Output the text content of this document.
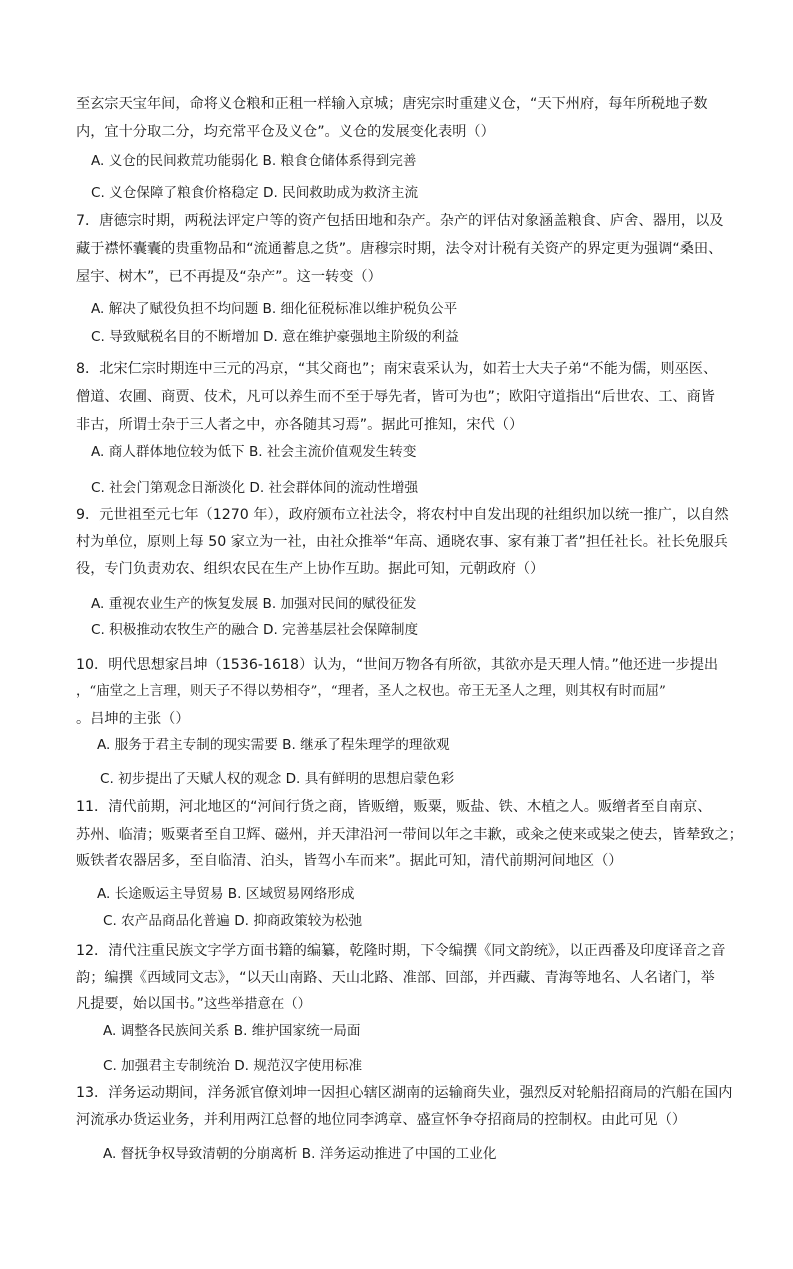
至玄宗天宝年间，命将义仓粮和正租一样输入京城；唐宪宗时重建义仓，“天下州府，每年所税地子数
内，宜十分取二分，均充常平仓及义仓”。义仓的发展变化表明（）
A. 义仓的民间救荒功能弱化 B. 粮食仓储体系得到完善
C. 义仓保障了粮食价格稳定 D. 民间救助成为救济主流
7．唐德宗时期，两税法评定户等的资产包括田地和杂产。杂产的评估对象涵盖粮食、庐舍、器用，以及
藏于襟怀囊囊的贵重物品和“流通蓄息之货”。唐穆宗时期，法令对计税有关资产的界定更为强调“桑田、
屋宇、树木”，已不再提及“杂产”。这一转变（）
A. 解决了赋役负担不均问题 B. 细化征税标准以维护税负公平
C. 导致赋税名目的不断增加 D. 意在维护豪强地主阶级的利益
8．北宋仁宗时期连中三元的冯京，“其父商也”；南宋袁采认为，如若士大夫子弟“不能为儒，则巫医、
僧道、农圃、商贾、伎术，凡可以养生而不至于辱先者，皆可为也”；欧阳守道指出“后世农、工、商皆
非古，所谓士杂于三人者之中，亦各随其习焉”。据此可推知，宋代（）
A. 商人群体地位较为低下 B. 社会主流价值观发生转变
C. 社会门第观念日渐淡化 D. 社会群体间的流动性增强
9．元世祖至元七年（1270 年），政府颁布立社法令，将农村中自发出现的社组织加以统一推广，以自然
村为单位，原则上每 50 家立为一社，由社众推举“年高、通晓农事、家有兼丁者”担任社长。社长免服兵
役，专门负责劝农、组织农民在生产上协作互助。据此可知，元朝政府（）
A. 重视农业生产的恢复发展 B. 加强对民间的赋役征发
C. 积极推动农牧生产的融合 D. 完善基层社会保障制度
10．明代思想家吕坤（1536-1618）认为，“世间万物各有所欲，其欲亦是天理人情。”他还进一步提出
，“庙堂之上言理，则天子不得以势相夺”，“理者，圣人之权也。帝王无圣人之理，则其权有时而屈”
。吕坤的主张（）
A. 服务于君主专制的现实需要 B. 继承了程朱理学的理欲观
C. 初步提出了天赋人权的观念 D. 具有鲜明的思想启蒙色彩
11．清代前期，河北地区的“河间行货之商，皆贩缯，贩粟，贩盐、铁、木植之人。贩缯者至自南京、
苏州、临清；贩粟者至自卫辉、磁州，并天津沿河一带间以年之丰歉，或籴之使来或粜之使去，皆辇致之；
贩铁者农器居多，至自临清、泊头，皆驾小车而来”。据此可知，清代前期河间地区（）
A. 长途贩运主导贸易 B. 区域贸易网络形成
C. 农产品商品化普遍 D. 抑商政策较为松弛
12．清代注重民族文字学方面书籍的编纂，乾隆时期，下令编撰《同文韵统》，以正西番及印度译音之音
韵；编撰《西域同文志》，“以天山南路、天山北路、准部、回部，并西藏、青海等地名、人名诸门，举
凡提要，始以国书。”这些举措意在（）
A. 调整各民族间关系 B. 维护国家统一局面
C. 加强君主专制统治 D. 规范汉字使用标准
13．洋务运动期间，洋务派官僚刘坤一因担心辖区湖南的运输商失业，强烈反对轮船招商局的汽船在国内
河流承办货运业务，并利用两江总督的地位同李鸿章、盛宣怀争夺招商局的控制权。由此可见（）
A. 督抚争权导致清朝的分崩离析 B. 洋务运动推进了中国的工业化
